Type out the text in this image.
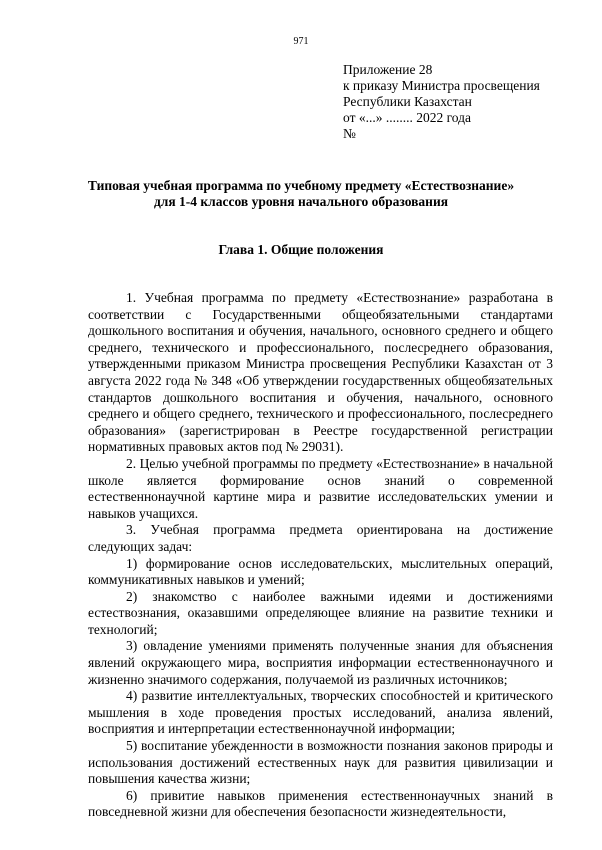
971
Приложение 28
к приказу Министра просвещения
Республики Казахстан
от «...» ........ 2022 года
№
Типовая учебная программа по учебному предмету «Естествознание»
для 1-4 классов уровня начального образования
Глава 1. Общие положения

1. Учебная программа по предмету «Естествознание» разработана в соответствии с Государственными общеобязательными стандартами дошкольного воспитания и обучения, начального, основного среднего и общего среднего, технического и профессионального, послесреднего образования, утвержденными приказом Министра просвещения Республики Казахстан от 3 августа 2022 года № 348 «Об утверждении государственных общеобязательных стандартов дошкольного воспитания и обучения, начального, основного среднего и общего среднего, технического и профессионального, послесреднего образования» (зарегистрирован в Реестре государственной регистрации нормативных правовых актов под № 29031).

2. Целью учебной программы по предмету «Естествознание» в начальной школе является формирование основ знаний о современной естественнонаучной картине мира и развитие исследовательских умении и навыков учащихся.

3. Учебная программа предмета ориентирована на достижение следующих задач:

1) формирование основ исследовательских, мыслительных операций, коммуникативных навыков и умений;

2) знакомство с наиболее важными идеями и достижениями естествознания, оказавшими определяющее влияние на развитие техники и технологий;

3) овладение умениями применять полученные знания для объяснения явлений окружающего мира, восприятия информации естественнонаучного и жизненно значимого содержания, получаемой из различных источников;

4) развитие интеллектуальных, творческих способностей и критического мышления в ходе проведения простых исследований, анализа явлений, восприятия и интерпретации естественнонаучной информации;

5) воспитание убежденности в возможности познания законов природы и использования достижений естественных наук для развития цивилизации и повышения качества жизни;

6) привитие навыков применения естественнонаучных знаний в повседневной жизни для обеспечения безопасности жизнедеятельности,
